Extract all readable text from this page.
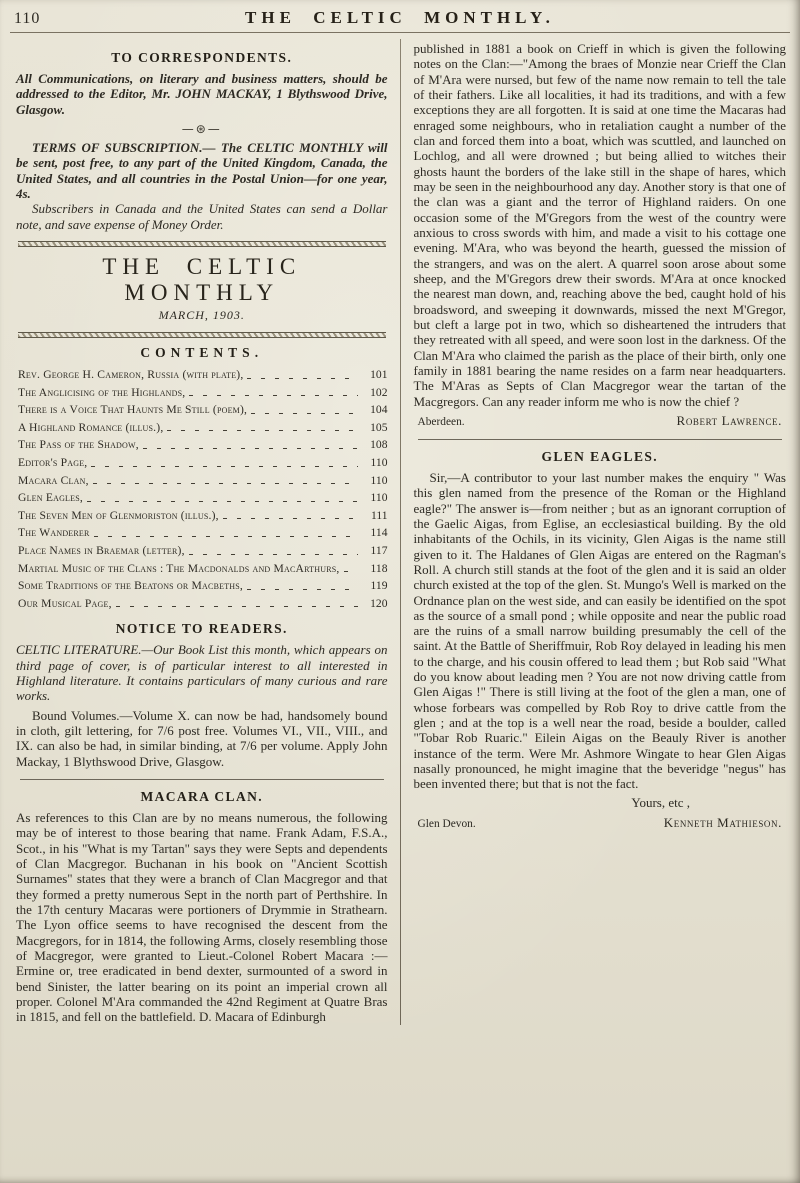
110	THE CELTIC MONTHLY.
TO CORRESPONDENTS.

All Communications, on literary and business matters, should be addressed to the Editor, Mr. JOHN MACKAY, 1 Blythswood Drive, Glasgow.

—⊛—

TERMS OF SUBSCRIPTION.— The CELTIC MONTHLY will be sent, post free, to any part of the United Kingdom, Canada, the United States, and all countries in the Postal Union—for one year, 4s.

Subscribers in Canada and the United States can send a Dollar note, and save expense of Money Order.

THE CELTIC MONTHLY
MARCH, 1903.
CONTENTS.
Rev. George H. Cameron, Russia (with plate),	101
The Anglicising of the Highlands,	102
There is a Voice That Haunts Me Still (poem),	104
A Highland Romance (illus.),	105
The Pass of the Shadow,	108
Editor's Page,	110
Macara Clan,	110
Glen Eagles,	110
The Seven Men of Glenmoriston (illus.),	111
The Wanderer	114
Place Names in Braemar (letter),	117
Martial Music of the Clans : The Macdonalds and MacArthurs,	118
Some Traditions of the Beatons or Macbeths,	119
Our Musical Page,	120
NOTICE TO READERS.

CELTIC LITERATURE.—Our Book List this month, which appears on third page of cover, is of particular interest to all interested in Highland literature. It contains particulars of many curious and rare works.

Bound Volumes.—Volume X. can now be had, handsomely bound in cloth, gilt lettering, for 7/6 post free. Volumes VI., VII., VIII., and IX. can also be had, in similar binding, at 7/6 per volume. Apply John Mackay, 1 Blythswood Drive, Glasgow.

MACARA CLAN.

As references to this Clan are by no means numerous, the following may be of interest to those bearing that name. Frank Adam, F.S.A., Scot., in his "What is my Tartan" says they were Septs and dependents of Clan Macgregor. Buchanan in his book on "Ancient Scottish Surnames" states that they were a branch of Clan Macgregor and that they formed a pretty numerous Sept in the north part of Perthshire. In the 17th century Macaras were portioners of Drymmie in Strathearn. The Lyon office seems to have recognised the descent from the Macgregors, for in 1814, the following Arms, closely resembling those of Macgregor, were granted to Lieut.-Colonel Robert Macara :—Ermine or, tree eradicated in bend dexter, surmounted of a sword in bend Sinister, the latter bearing on its point an imperial crown all proper. Colonel M'Ara commanded the 42nd Regiment at Quatre Bras in 1815, and fell on the battlefield. D. Macara of Edinburgh

published in 1881 a book on Crieff in which is given the following notes on the Clan:—"Among the braes of Monzie near Crieff the Clan of M'Ara were nursed, but few of the name now remain to tell the tale of their fathers. Like all localities, it had its traditions, and with a few exceptions they are all forgotten. It is said at one time the Macaras had enraged some neighbours, who in retaliation caught a number of the clan and forced them into a boat, which was scuttled, and launched on Lochlog, and all were drowned ; but being allied to witches their ghosts haunt the borders of the lake still in the shape of hares, which may be seen in the neighbourhood any day. Another story is that one of the clan was a giant and the terror of Highland raiders. On one occasion some of the M'Gregors from the west of the country were anxious to cross swords with him, and made a visit to his cottage one evening. M'Ara, who was beyond the hearth, guessed the mission of the strangers, and was on the alert. A quarrel soon arose about some sheep, and the M'Gregors drew their swords. M'Ara at once knocked the nearest man down, and, reaching above the bed, caught hold of his broadsword, and sweeping it downwards, missed the next M'Gregor, but cleft a large pot in two, which so disheartened the intruders that they retreated with all speed, and were soon lost in the darkness. Of the Clan M'Ara who claimed the parish as the place of their birth, only one family in 1881 bearing the name resides on a farm near headquarters. The M'Aras as Septs of Clan Macgregor wear the tartan of the Macgregors. Can any reader inform me who is now the chief ?

Aberdeen.	Robert Lawrence.
GLEN EAGLES.

Sir,—A contributor to your last number makes the enquiry " Was this glen named from the presence of the Roman or the Highland eagle?" The answer is—from neither ; but as an ignorant corruption of the Gaelic Aigas, from Eglise, an ecclesiastical building. By the old inhabitants of the Ochils, in its vicinity, Glen Aigas is the name still given to it. The Haldanes of Glen Aigas are entered on the Ragman's Roll. A church still stands at the foot of the glen and it is said an older church existed at the top of the glen. St. Mungo's Well is marked on the Ordnance plan on the west side, and can easily be identified on the spot as the source of a small pond ; while opposite and near the public road are the ruins of a small narrow building presumably the cell of the saint. At the Battle of Sheriffmuir, Rob Roy delayed in leading his men to the charge, and his cousin offered to lead them ; but Rob said "What do you know about leading men ? You are not now driving cattle from Glen Aigas !" There is still living at the foot of the glen a man, one of whose forbears was compelled by Rob Roy to drive cattle from the glen ; and at the top is a well near the road, beside a boulder, called "Tobar Rob Ruaric." Eilein Aigas on the Beauly River is another instance of the term. Were Mr. Ashmore Wingate to hear Glen Aigas nasally pronounced, he might imagine that the beveridge "negus" has been invented there; but that is not the fact.

Yours, etc ,
Glen Devon.	Kenneth Mathieson.
